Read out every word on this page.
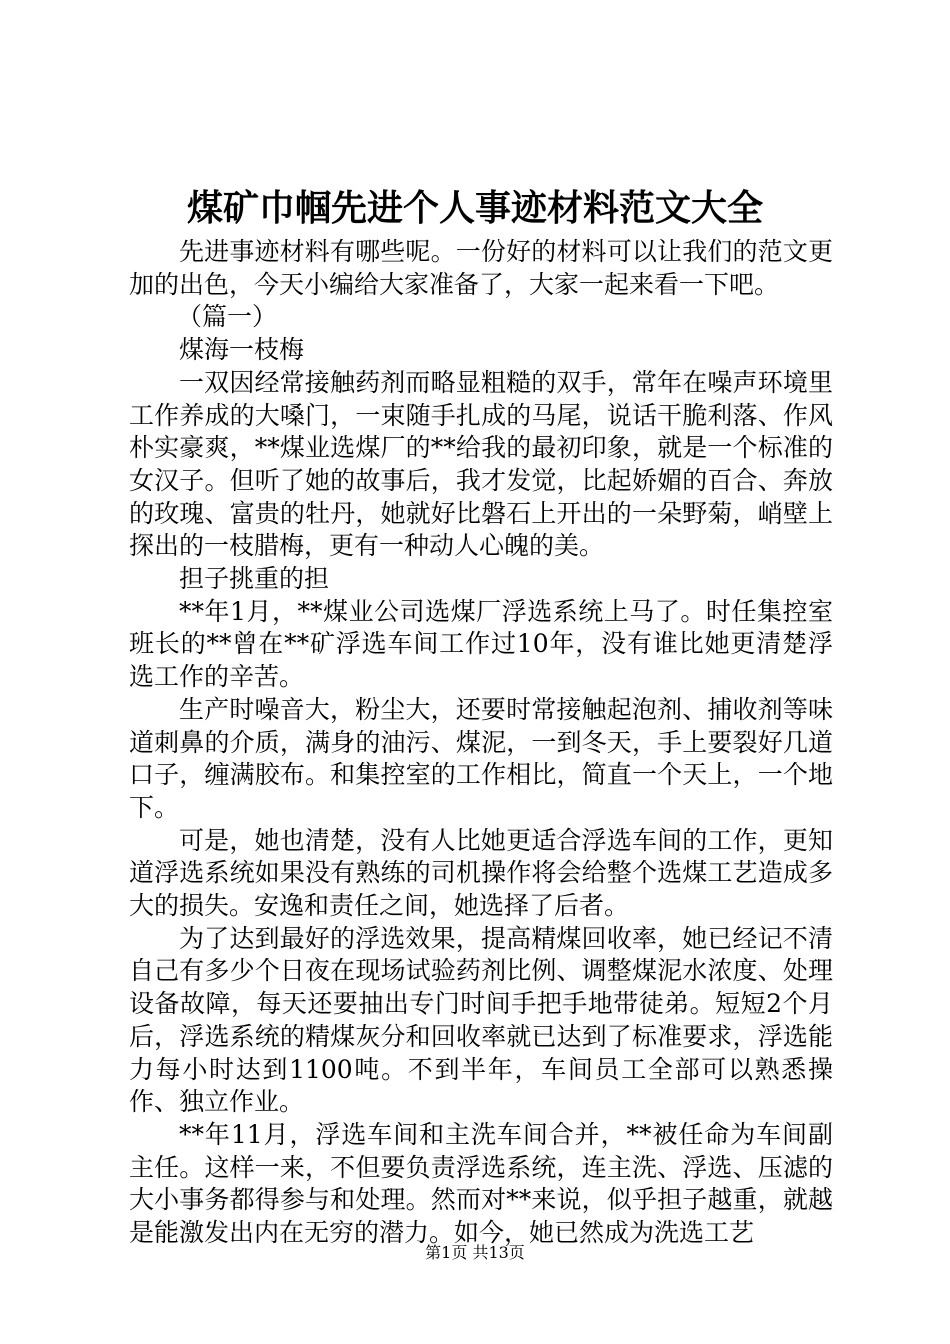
煤矿巾帼先进个人事迹材料范文大全

先进事迹材料有哪些呢。一份好的材料可以让我们的范文更加的出色，今天小编给大家准备了，大家一起来看一下吧。

（篇一）

煤海一枝梅

一双因经常接触药剂而略显粗糙的双手，常年在噪声环境里工作养成的大嗓门，一束随手扎成的马尾，说话干脆利落、作风朴实豪爽，**煤业选煤厂的**给我的最初印象，就是一个标准的女汉子。但听了她的故事后，我才发觉，比起娇媚的百合、奔放的玫瑰、富贵的牡丹，她就好比磐石上开出的一朵野菊，峭壁上探出的一枝腊梅，更有一种动人心魄的美。

担子挑重的担

**年1月，**煤业公司选煤厂浮选系统上马了。时任集控室班长的**曾在**矿浮选车间工作过10年，没有谁比她更清楚浮选工作的辛苦。

生产时噪音大，粉尘大，还要时常接触起泡剂、捕收剂等味道刺鼻的介质，满身的油污、煤泥，一到冬天，手上要裂好几道口子，缠满胶布。和集控室的工作相比，简直一个天上，一个地下。

可是，她也清楚，没有人比她更适合浮选车间的工作，更知道浮选系统如果没有熟练的司机操作将会给整个选煤工艺造成多大的损失。安逸和责任之间，她选择了后者。

为了达到最好的浮选效果，提高精煤回收率，她已经记不清自己有多少个日夜在现场试验药剂比例、调整煤泥水浓度、处理设备故障，每天还要抽出专门时间手把手地带徒弟。短短2个月后，浮选系统的精煤灰分和回收率就已达到了标准要求，浮选能力每小时达到1100吨。不到半年，车间员工全部可以熟悉操作、独立作业。

**年11月，浮选车间和主洗车间合并，**被任命为车间副主任。这样一来，不但要负责浮选系统，连主洗、浮选、压滤的大小事务都得参与和处理。然而对**来说，似乎担子越重，就越是能激发出内在无穷的潜力。如今，她已然成为洗选工艺

第1页 共13页
